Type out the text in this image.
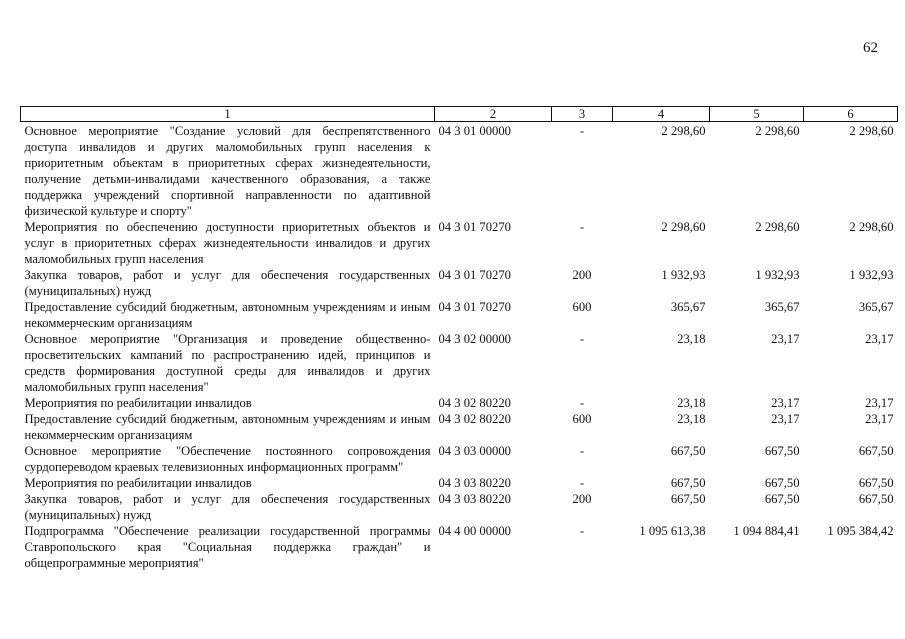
62
1	2	3	4	5	6
Основное мероприятие "Создание условий для беспрепятственного доступа инвалидов и других маломобильных групп населения к приоритетным объектам в приоритетных сферах жизнедеятельности, получение детьми-инвалидами качественного образования, а также поддержка учреждений спортивной направленности по адаптивной физической культуре и спорту"	04 3 01 00000	-	2 298,60	2 298,60	2 298,60
Мероприятия по обеспечению доступности приоритетных объектов и услуг в приоритетных сферах жизнедеятельности инвалидов и других маломобильных групп населения	04 3 01 70270	-	2 298,60	2 298,60	2 298,60
Закупка товаров, работ и услуг для обеспечения государственных (муниципальных) нужд	04 3 01 70270	200	1 932,93	1 932,93	1 932,93
Предоставление субсидий бюджетным, автономным учреждениям и иным некоммерческим организациям	04 3 01 70270	600	365,67	365,67	365,67
Основное мероприятие "Организация и проведение общественно-просветительских кампаний по распространению идей, принципов и средств формирования доступной среды для инвалидов и других маломобильных групп населения"	04 3 02 00000	-	23,18	23,17	23,17
Мероприятия по реабилитации инвалидов	04 3 02 80220	-	23,18	23,17	23,17
Предоставление субсидий бюджетным, автономным учреждениям и иным некоммерческим организациям	04 3 02 80220	600	23,18	23,17	23,17
Основное мероприятие "Обеспечение постоянного сопровождения сурдопереводом краевых телевизионных информационных программ"	04 3 03 00000	-	667,50	667,50	667,50
Мероприятия по реабилитации инвалидов	04 3 03 80220	-	667,50	667,50	667,50
Закупка товаров, работ и услуг для обеспечения государственных (муниципальных) нужд	04 3 03 80220	200	667,50	667,50	667,50
Подпрограмма "Обеспечение реализации государственной программы Ставропольского края "Социальная поддержка граждан" и общепрограммные мероприятия"	04 4 00 00000	-	1 095 613,38	1 094 884,41	1 095 384,42
